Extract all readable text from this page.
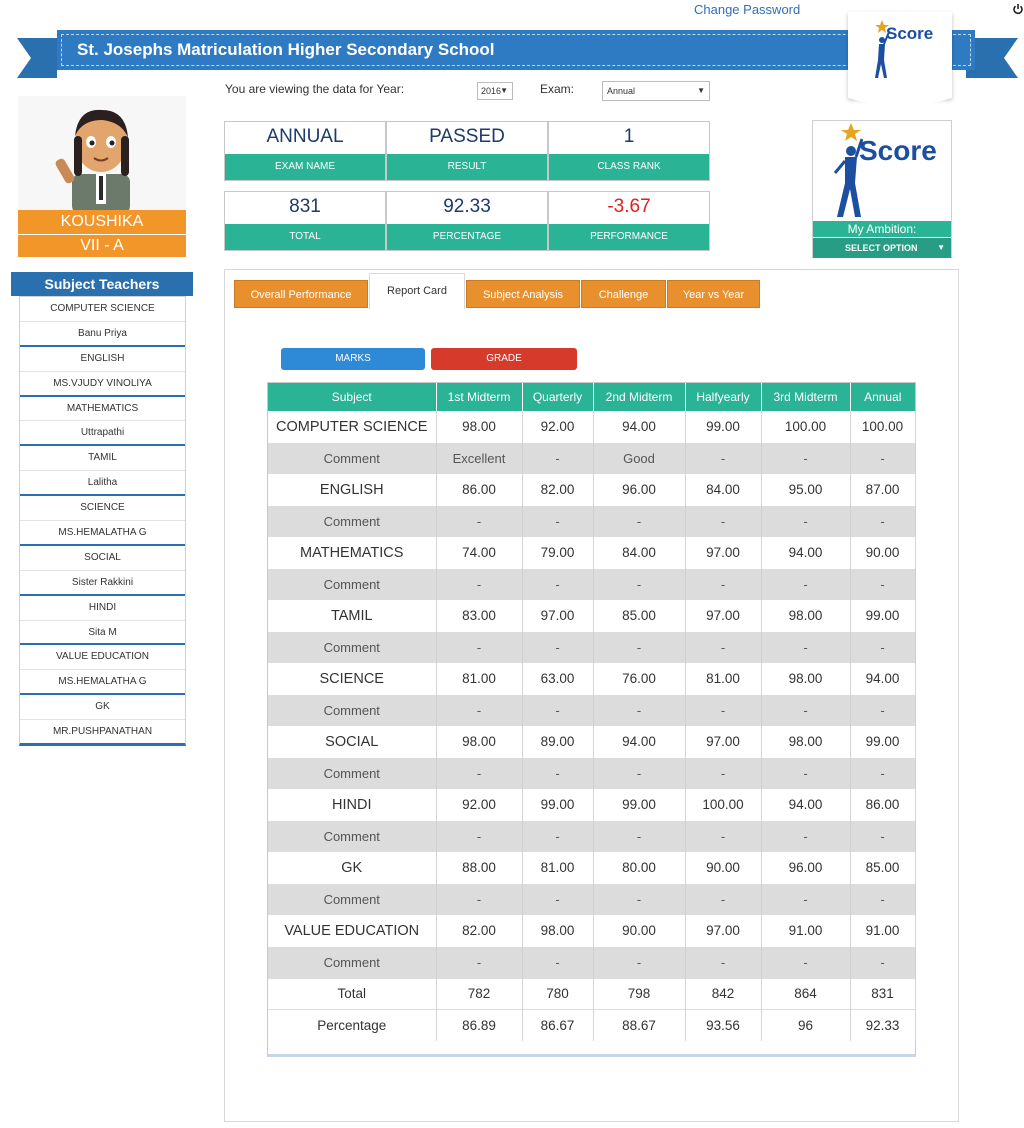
Change Password
St. Josephs Matriculation Higher Secondary School
Score
You are viewing the data for Year:	2016 ▼	Exam:	Annual	▼
KOUSHIKA
VII - A
ANNUAL
EXAM NAME
PASSED
RESULT
1
CLASS RANK
831
TOTAL
92.33
PERCENTAGE
-3.67
PERFORMANCE
Score
My Ambition:
SELECT OPTION ▼
Subject Teachers
COMPUTER SCIENCE
Banu Priya
ENGLISH
MS.VJUDY VINOLIYA
MATHEMATICS
Uttrapathi
TAMIL
Lalitha
SCIENCE
MS.HEMALATHA G
SOCIAL
Sister Rakkini
HINDI
Sita M
VALUE EDUCATION
MS.HEMALATHA G
GK
MR.PUSHPANATHAN
Overall Performance	Report Card	Subject Analysis	Challenge	Year vs Year
MARKS	GRADE
Subject	1st Midterm	Quarterly	2nd Midterm	Halfyearly	3rd Midterm	Annual
COMPUTER SCIENCE	98.00	92.00	94.00	99.00	100.00	100.00
Comment	Excellent	-	Good	-	-	-
ENGLISH	86.00	82.00	96.00	84.00	95.00	87.00
Comment	-	-	-	-	-	-
MATHEMATICS	74.00	79.00	84.00	97.00	94.00	90.00
Comment	-	-	-	-	-	-
TAMIL	83.00	97.00	85.00	97.00	98.00	99.00
Comment	-	-	-	-	-	-
SCIENCE	81.00	63.00	76.00	81.00	98.00	94.00
Comment	-	-	-	-	-	-
SOCIAL	98.00	89.00	94.00	97.00	98.00	99.00
Comment	-	-	-	-	-	-
HINDI	92.00	99.00	99.00	100.00	94.00	86.00
Comment	-	-	-	-	-	-
GK	88.00	81.00	80.00	90.00	96.00	85.00
Comment	-	-	-	-	-	-
VALUE EDUCATION	82.00	98.00	90.00	97.00	91.00	91.00
Comment	-	-	-	-	-	-
Total	782	780	798	842	864	831
Percentage	86.89	86.67	88.67	93.56	96	92.33
